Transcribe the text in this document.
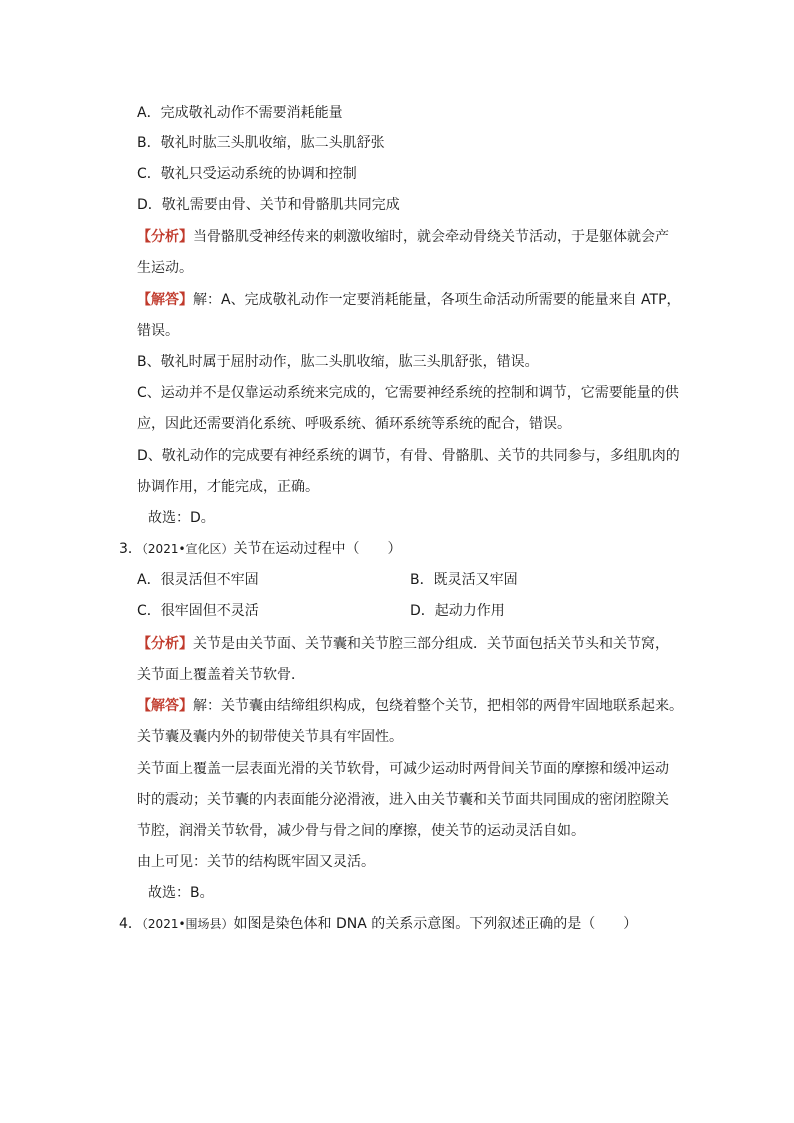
A．完成敬礼动作不需要消耗能量
B．敬礼时肱三头肌收缩，肱二头肌舒张
C．敬礼只受运动系统的协调和控制
D．敬礼需要由骨、关节和骨骼肌共同完成
【分析】当骨骼肌受神经传来的刺激收缩时，就会牵动骨绕关节活动，于是躯体就会产
生运动。
【解答】解：A、完成敬礼动作一定要消耗能量，各项生命活动所需要的能量来自 ATP，
错误。
B、敬礼时属于屈肘动作，肱二头肌收缩，肱三头肌舒张，错误。
C、运动并不是仅靠运动系统来完成的，它需要神经系统的控制和调节，它需要能量的供
应，因此还需要消化系统、呼吸系统、循环系统等系统的配合，错误。
D、敬礼动作的完成要有神经系统的调节，有骨、骨骼肌、关节的共同参与，多组肌肉的
协调作用，才能完成，正确。
故选：D。
3．（2021•宣化区）关节在运动过程中（　　）
A．很灵活但不牢固	B．既灵活又牢固
C．很牢固但不灵活	D．起动力作用
【分析】关节是由关节面、关节囊和关节腔三部分组成．关节面包括关节头和关节窝，
关节面上覆盖着关节软骨．
【解答】解：关节囊由结缔组织构成，包绕着整个关节，把相邻的两骨牢固地联系起来。
关节囊及囊内外的韧带使关节具有牢固性。
关节面上覆盖一层表面光滑的关节软骨，可减少运动时两骨间关节面的摩擦和缓冲运动
时的震动；关节囊的内表面能分泌滑液，进入由关节囊和关节面共同围成的密闭腔隙关
节腔，润滑关节软骨，减少骨与骨之间的摩擦，使关节的运动灵活自如。
由上可见：关节的结构既牢固又灵活。
故选：B。
4．（2021•围场县）如图是染色体和 DNA 的关系示意图。下列叙述正确的是（　　）
